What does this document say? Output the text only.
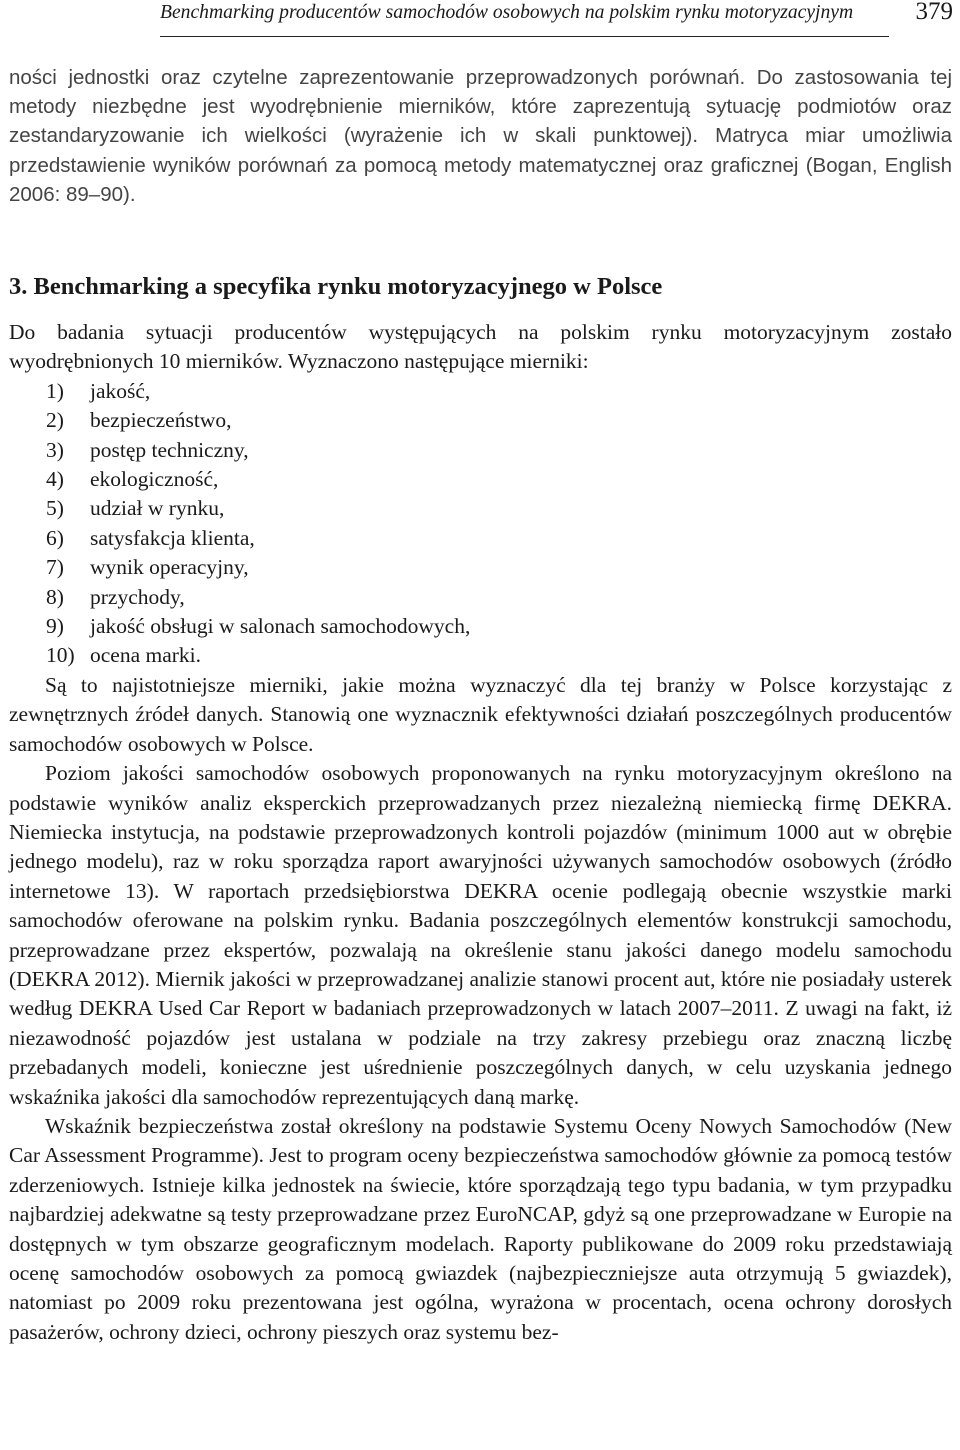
Benchmarking producentów samochodów osobowych na polskim rynku motoryzacyjnym 379

ności jednostki oraz czytelne zaprezentowanie przeprowadzonych porównań. Do zastosowania tej metody niezbędne jest wyodrębnienie mierników, które zaprezentują sytuację podmiotów oraz zestandaryzowanie ich wielkości (wyrażenie ich w skali punktowej). Matryca miar umożliwia przedstawienie wyników porównań za pomocą metody matematycznej oraz graficznej (Bogan, English 2006: 89–90).

3. Benchmarking a specyfika rynku motoryzacyjnego w Polsce

Do badania sytuacji producentów występujących na polskim rynku motoryzacyjnym zostało wyodrębnionych 10 mierników. Wyznaczono następujące mierniki:

1)	jakość,
2)	bezpieczeństwo,
3)	postęp techniczny,
4)	ekologiczność,
5)	udział w rynku,
6)	satysfakcja klienta,
7)	wynik operacyjny,
8)	przychody,
9)	jakość obsługi w salonach samochodowych,
10) ocena marki.

Są to najistotniejsze mierniki, jakie można wyznaczyć dla tej branży w Polsce korzystając z zewnętrznych źródeł danych. Stanowią one wyznacznik efektywności działań poszczególnych producentów samochodów osobowych w Polsce.

Poziom jakości samochodów osobowych proponowanych na rynku motoryzacyjnym określono na podstawie wyników analiz eksperckich przeprowadzanych przez niezależną niemiecką firmę DEKRA. Niemiecka instytucja, na podstawie przeprowadzonych kontroli pojazdów (minimum 1000 aut w obrębie jednego modelu), raz w roku sporządza raport awaryjności używanych samochodów osobowych (źródło internetowe 13). W raportach przedsiębiorstwa DEKRA ocenie podlegają obecnie wszystkie marki samochodów oferowane na polskim rynku. Badania poszczególnych elementów konstrukcji samochodu, przeprowadzane przez ekspertów, pozwalają na określenie stanu jakości danego modelu samochodu (DEKRA 2012). Miernik jakości w przeprowadzanej analizie stanowi procent aut, które nie posiadały usterek według DEKRA Used Car Report w badaniach przeprowadzonych w latach 2007–2011. Z uwagi na fakt, iż niezawodność pojazdów jest ustalana w podziale na trzy zakresy przebiegu oraz znaczną liczbę przebadanych modeli, konieczne jest uśrednienie poszczególnych danych, w celu uzyskania jednego wskaźnika jakości dla samochodów reprezentujących daną markę.

Wskaźnik bezpieczeństwa został określony na podstawie Systemu Oceny Nowych Samochodów (New Car Assessment Programme). Jest to program oceny bezpieczeństwa samochodów głównie za pomocą testów zderzeniowych. Istnieje kilka jednostek na świecie, które sporządzają tego typu badania, w tym przypadku najbardziej adekwatne są testy przeprowadzane przez EuroNCAP, gdyż są one przeprowadzane w Europie na dostępnych w tym obszarze geograficznym modelach. Raporty publikowane do 2009 roku przedstawiają ocenę samochodów osobowych za pomocą gwiazdek (najbezpieczniejsze auta otrzymują 5 gwiazdek), natomiast po 2009 roku prezentowana jest ogólna, wyrażona w procentach, ocena ochrony dorosłych pasażerów, ochrony dzieci, ochrony pieszych oraz systemu bez-
